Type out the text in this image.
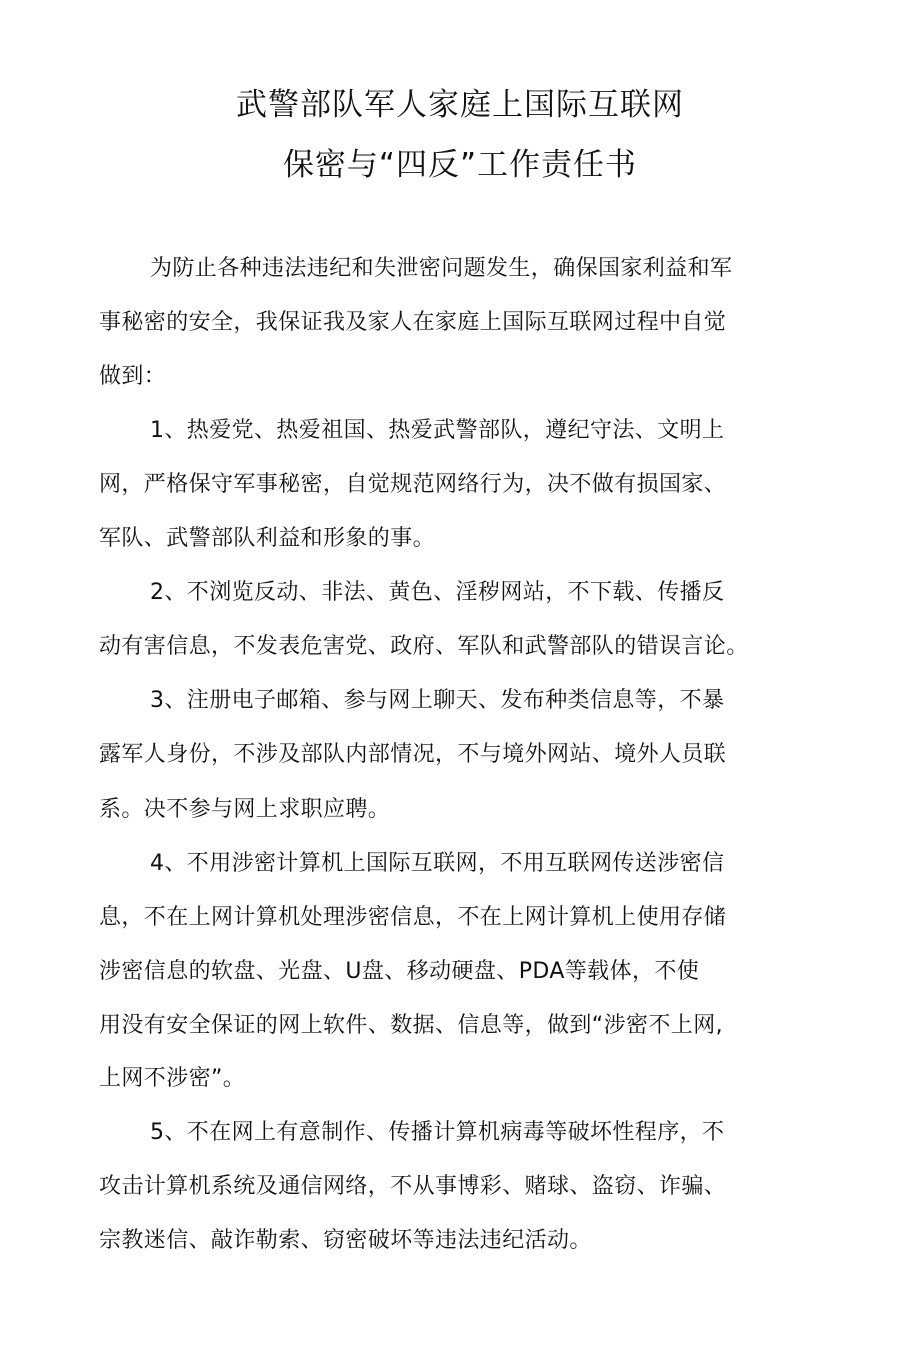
武警部队军人家庭上国际互联网
保密与“四反”工作责任书
为防止各种违法违纪和失泄密问题发生，确保国家利益和军
事秘密的安全，我保证我及家人在家庭上国际互联网过程中自觉
做到：
1、热爱党、热爱祖国、热爱武警部队，遵纪守法、文明上
网，严格保守军事秘密，自觉规范网络行为，决不做有损国家、
军队、武警部队利益和形象的事。
2、不浏览反动、非法、黄色、淫秽网站，不下载、传播反
动有害信息，不发表危害党、政府、军队和武警部队的错误言论。
3、注册电子邮箱、参与网上聊天、发布种类信息等，不暴
露军人身份，不涉及部队内部情况，不与境外网站、境外人员联
系。决不参与网上求职应聘。
4、不用涉密计算机上国际互联网，不用互联网传送涉密信
息，不在上网计算机处理涉密信息，不在上网计算机上使用存储
涉密信息的软盘、光盘、U盘、移动硬盘、PDA等载体，不使
用没有安全保证的网上软件、数据、信息等，做到“涉密不上网,
上网不涉密”。
5、不在网上有意制作、传播计算机病毒等破坏性程序，不
攻击计算机系统及通信网络，不从事博彩、赌球、盗窃、诈骗、
宗教迷信、敲诈勒索、窃密破坏等违法违纪活动。
